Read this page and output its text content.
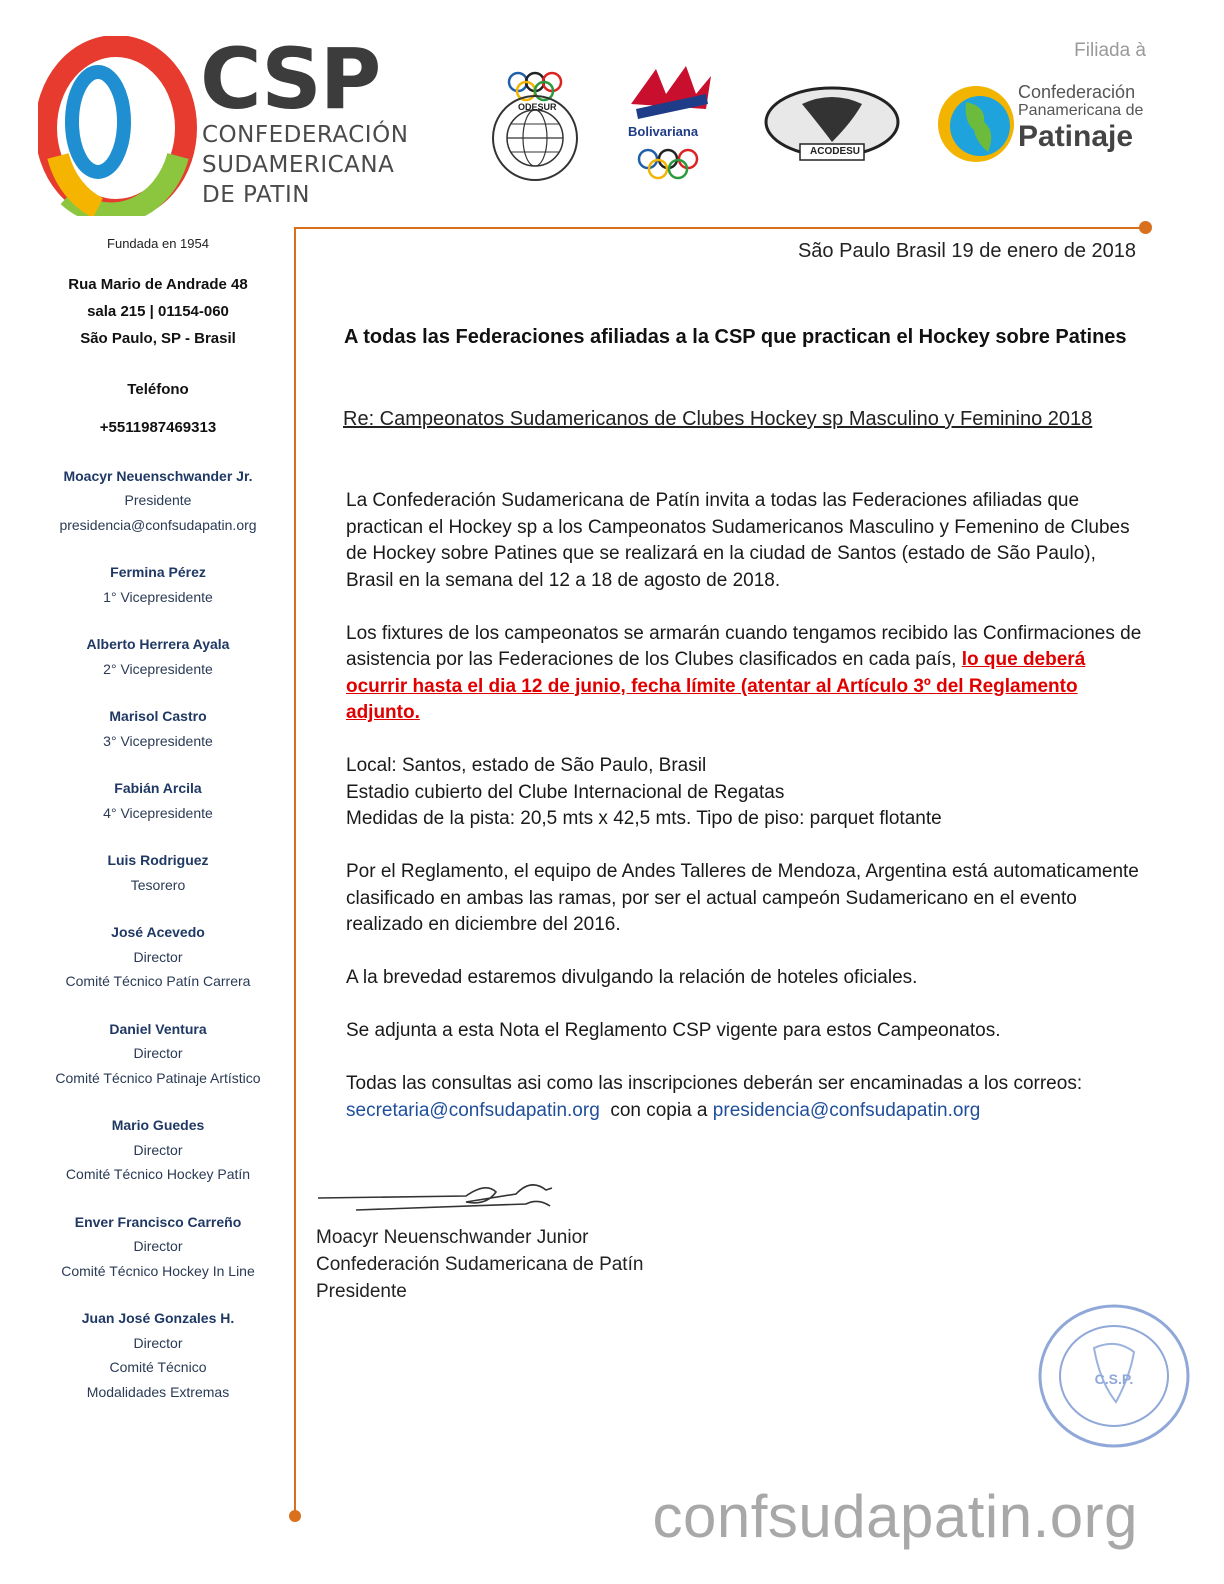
CSP
CONFEDERACIÓN
SUDAMERICANA
DE PATIN
Filiada à
ODESUR
Bolivariana
ACODESU
Confederación
Panamericana de
Patinaje
Fundada en 1954
Rua Mario de Andrade 48
sala 215 | 01154-060
São Paulo, SP - Brasil
Teléfono
+5511987469313
Moacyr Neuenschwander Jr.
Presidente
presidencia@confsudapatin.org
Fermina Pérez
1° Vicepresidente
Alberto Herrera Ayala
2° Vicepresidente
Marisol Castro
3° Vicepresidente
Fabián Arcila
4° Vicepresidente
Luis Rodriguez
Tesorero
José Acevedo
Director
Comité Técnico Patín Carrera
Daniel Ventura
Director
Comité Técnico Patinaje Artístico
Mario Guedes
Director
Comité Técnico Hockey Patín
Enver Francisco Carreño
Director
Comité Técnico Hockey In Line
Juan José Gonzales H.
Director
Comité Técnico
Modalidades Extremas
São Paulo Brasil 19 de enero de 2018
A todas las Federaciones afiliadas a la CSP que practican el Hockey sobre Patines
Re: Campeonatos Sudamericanos de Clubes Hockey sp Masculino y Feminino 2018

La Confederación Sudamericana de Patín invita a todas las Federaciones afiliadas que practican el Hockey sp a los Campeonatos Sudamericanos Masculino y Femenino de Clubes de Hockey sobre Patines que se realizará en la ciudad de Santos (estado de São Paulo), Brasil en la semana del 12 a 18 de agosto de 2018.

Los fixtures de los campeonatos se armarán cuando tengamos recibido las Confirmaciones de asistencia por las Federaciones de los Clubes clasificados en cada país, lo que deberá ocurrir hasta el dia 12 de junio, fecha límite (atentar al Artículo 3º del Reglamento adjunto.

Local: Santos, estado de São Paulo, Brasil
Estadio cubierto del Clube Internacional de Regatas
Medidas de la pista: 20,5 mts x 42,5 mts. Tipo de piso: parquet flotante

Por el Reglamento, el equipo de Andes Talleres de Mendoza, Argentina está automaticamente clasificado en ambas las ramas, por ser el actual campeón Sudamericano en el evento realizado en diciembre del 2016.

A la brevedad estaremos divulgando la relación de hoteles oficiales.

Se adjunta a esta Nota el Reglamento CSP vigente para estos Campeonatos.

Todas las consultas asi como las inscripciones deberán ser encaminadas a los correos:
secretaria@confsudapatin.org  con copia a presidencia@confsudapatin.org

Moacyr Neuenschwander Junior
Confederación Sudamericana de Patín
Presidente
C.S.P.
confsudapatin.org
